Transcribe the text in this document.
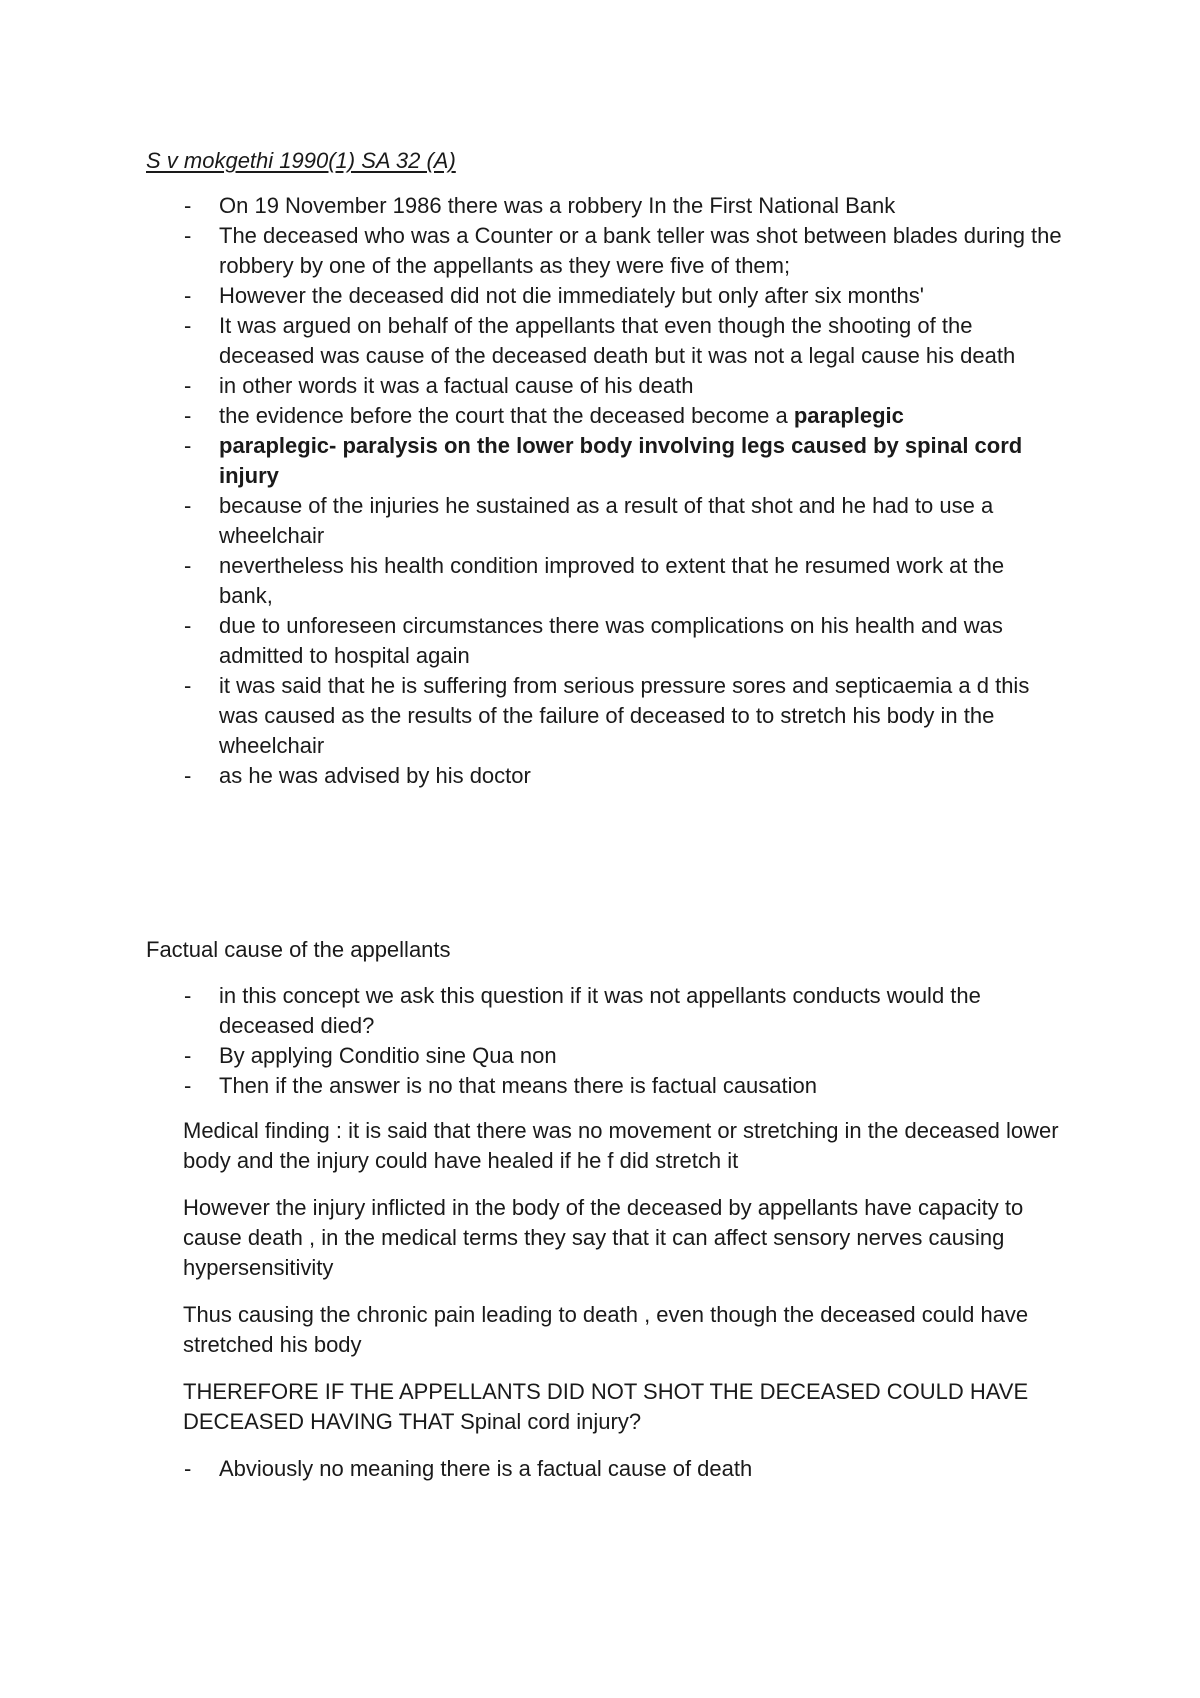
S v mokgethi 1990(1) SA 32 (A)
- On 19 November 1986 there was a robbery In the First National Bank
- The deceased who was a Counter or a bank teller was shot between blades during the robbery by one of the appellants as they were five of them;
- However the deceased did not die immediately but only after six months'
- It was argued on behalf of the appellants that even though the shooting of the deceased was cause of the deceased death but it was not a legal cause his death
- in other words it was a factual cause of his death
- the evidence before the court that the deceased become a paraplegic
- paraplegic- paralysis on the lower body involving legs caused by spinal cord injury
- because of the injuries he sustained as a result of that shot and he had to use a wheelchair
- nevertheless his health condition improved to extent that he resumed work at the bank,
- due to unforeseen circumstances there was complications on his health and was admitted to hospital again
- it was said that he is suffering from serious pressure sores and septicaemia a d this was caused as the results of the failure of deceased to to stretch his body in the wheelchair
- as he was advised by his doctor
Factual cause of the appellants
- in this concept we ask this question if it was not appellants conducts would the deceased died?
- By applying Conditio sine Qua non
- Then if the answer is no that means there is factual causation

Medical finding : it is said that there was no movement or stretching in the deceased lower body and the injury could have healed if he f did stretch it

However the injury inflicted in the body of the deceased by appellants have capacity to cause death , in the medical terms they say that it can affect sensory nerves causing hypersensitivity

Thus causing the chronic pain leading to death , even though the deceased could have stretched his body

THEREFORE IF THE APPELLANTS DID NOT SHOT THE DECEASED COULD HAVE DECEASED HAVING THAT Spinal cord injury?

- Abviously no meaning there is a factual cause of death
